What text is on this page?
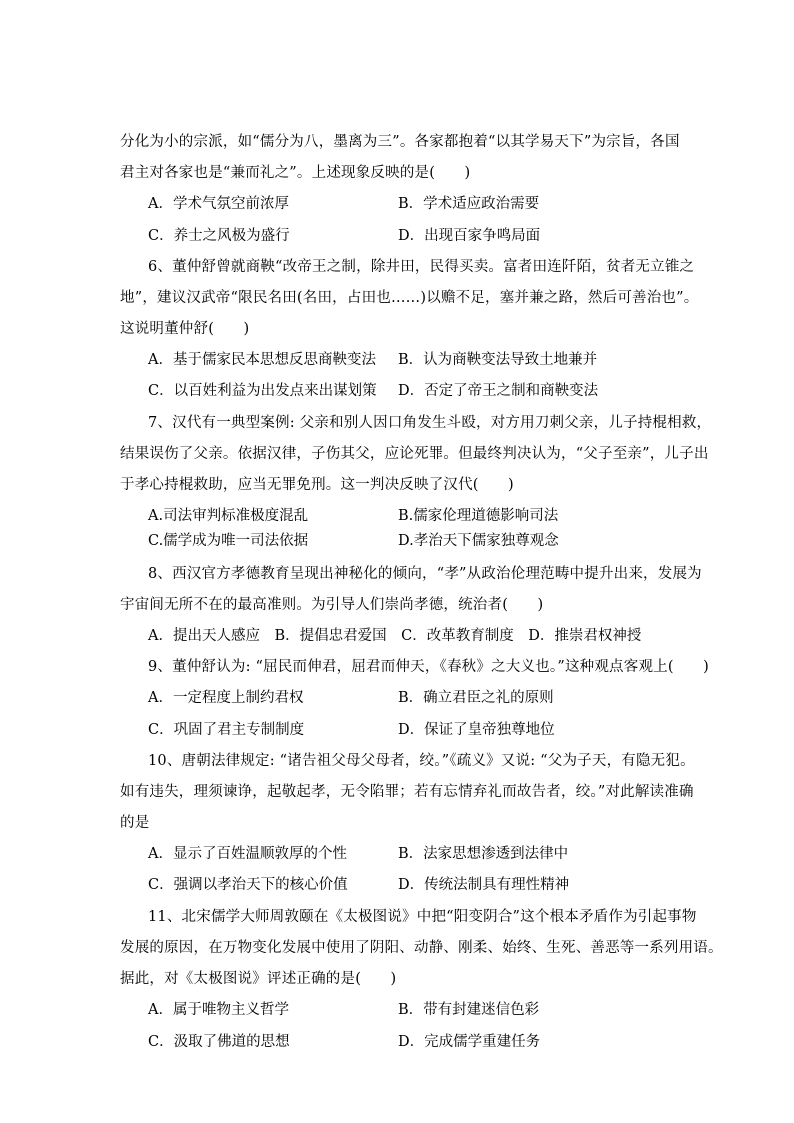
分化为小的宗派，如“儒分为八，墨离为三”。各家都抱着“以其学易天下”为宗旨，各国
君主对各家也是“兼而礼之”。上述现象反映的是(　　)
A．学术气氛空前浓厚	B．学术适应政治需要
C．养士之风极为盛行	D．出现百家争鸣局面
6、董仲舒曾就商鞅“改帝王之制，除井田，民得买卖。富者田连阡陌，贫者无立锥之
地”，建议汉武帝“限民名田(名田，占田也……)以赡不足，塞并兼之路，然后可善治也”。
这说明董仲舒(　　)
A．基于儒家民本思想反思商鞅变法 B．认为商鞅变法导致土地兼并
C．以百姓利益为出发点来出谋划策 D．否定了帝王之制和商鞅变法
7、汉代有一典型案例: 父亲和别人因口角发生斗殴，对方用刀刺父亲，儿子持棍相救，
结果误伤了父亲。依据汉律，子伤其父，应论死罪。但最终判决认为，“父子至亲”，儿子出
于孝心持棍救助，应当无罪免刑。这一判决反映了汉代(　　)
A.司法审判标准极度混乱	B.儒家伦理道德影响司法
C.儒学成为唯一司法依据	D.孝治天下儒家独尊观念
8、西汉官方孝德教育呈现出神秘化的倾向，“孝”从政治伦理范畴中提升出来，发展为
宇宙间无所不在的最高准则。为引导人们崇尚孝德，统治者(　　)
A．提出天人感应　B．提倡忠君爱国　C．改革教育制度　D．推崇君权神授
9、董仲舒认为: “屈民而伸君，屈君而伸天，《春秋》之大义也。”这种观点客观上(　　)
A．一定程度上制约君权	B．确立君臣之礼的原则
C．巩固了君主专制制度	D．保证了皇帝独尊地位
10、唐朝法律规定: “诸告祖父母父母者，绞。”《疏义》又说: “父为子天，有隐无犯。
如有违失，理须谏诤，起敬起孝，无令陷罪；若有忘情弃礼而故告者，绞。”对此解读准确
的是
A．显示了百姓温顺敦厚的个性	B．法家思想渗透到法律中
C．强调以孝治天下的核心价值	D．传统法制具有理性精神
11、北宋儒学大师周敦颐在《太极图说》中把“阳变阴合”这个根本矛盾作为引起事物
发展的原因，在万物变化发展中使用了阴阳、动静、刚柔、始终、生死、善恶等一系列用语。
据此，对《太极图说》评述正确的是(　　)
A．属于唯物主义哲学	B．带有封建迷信色彩
C．汲取了佛道的思想	D．完成儒学重建任务
